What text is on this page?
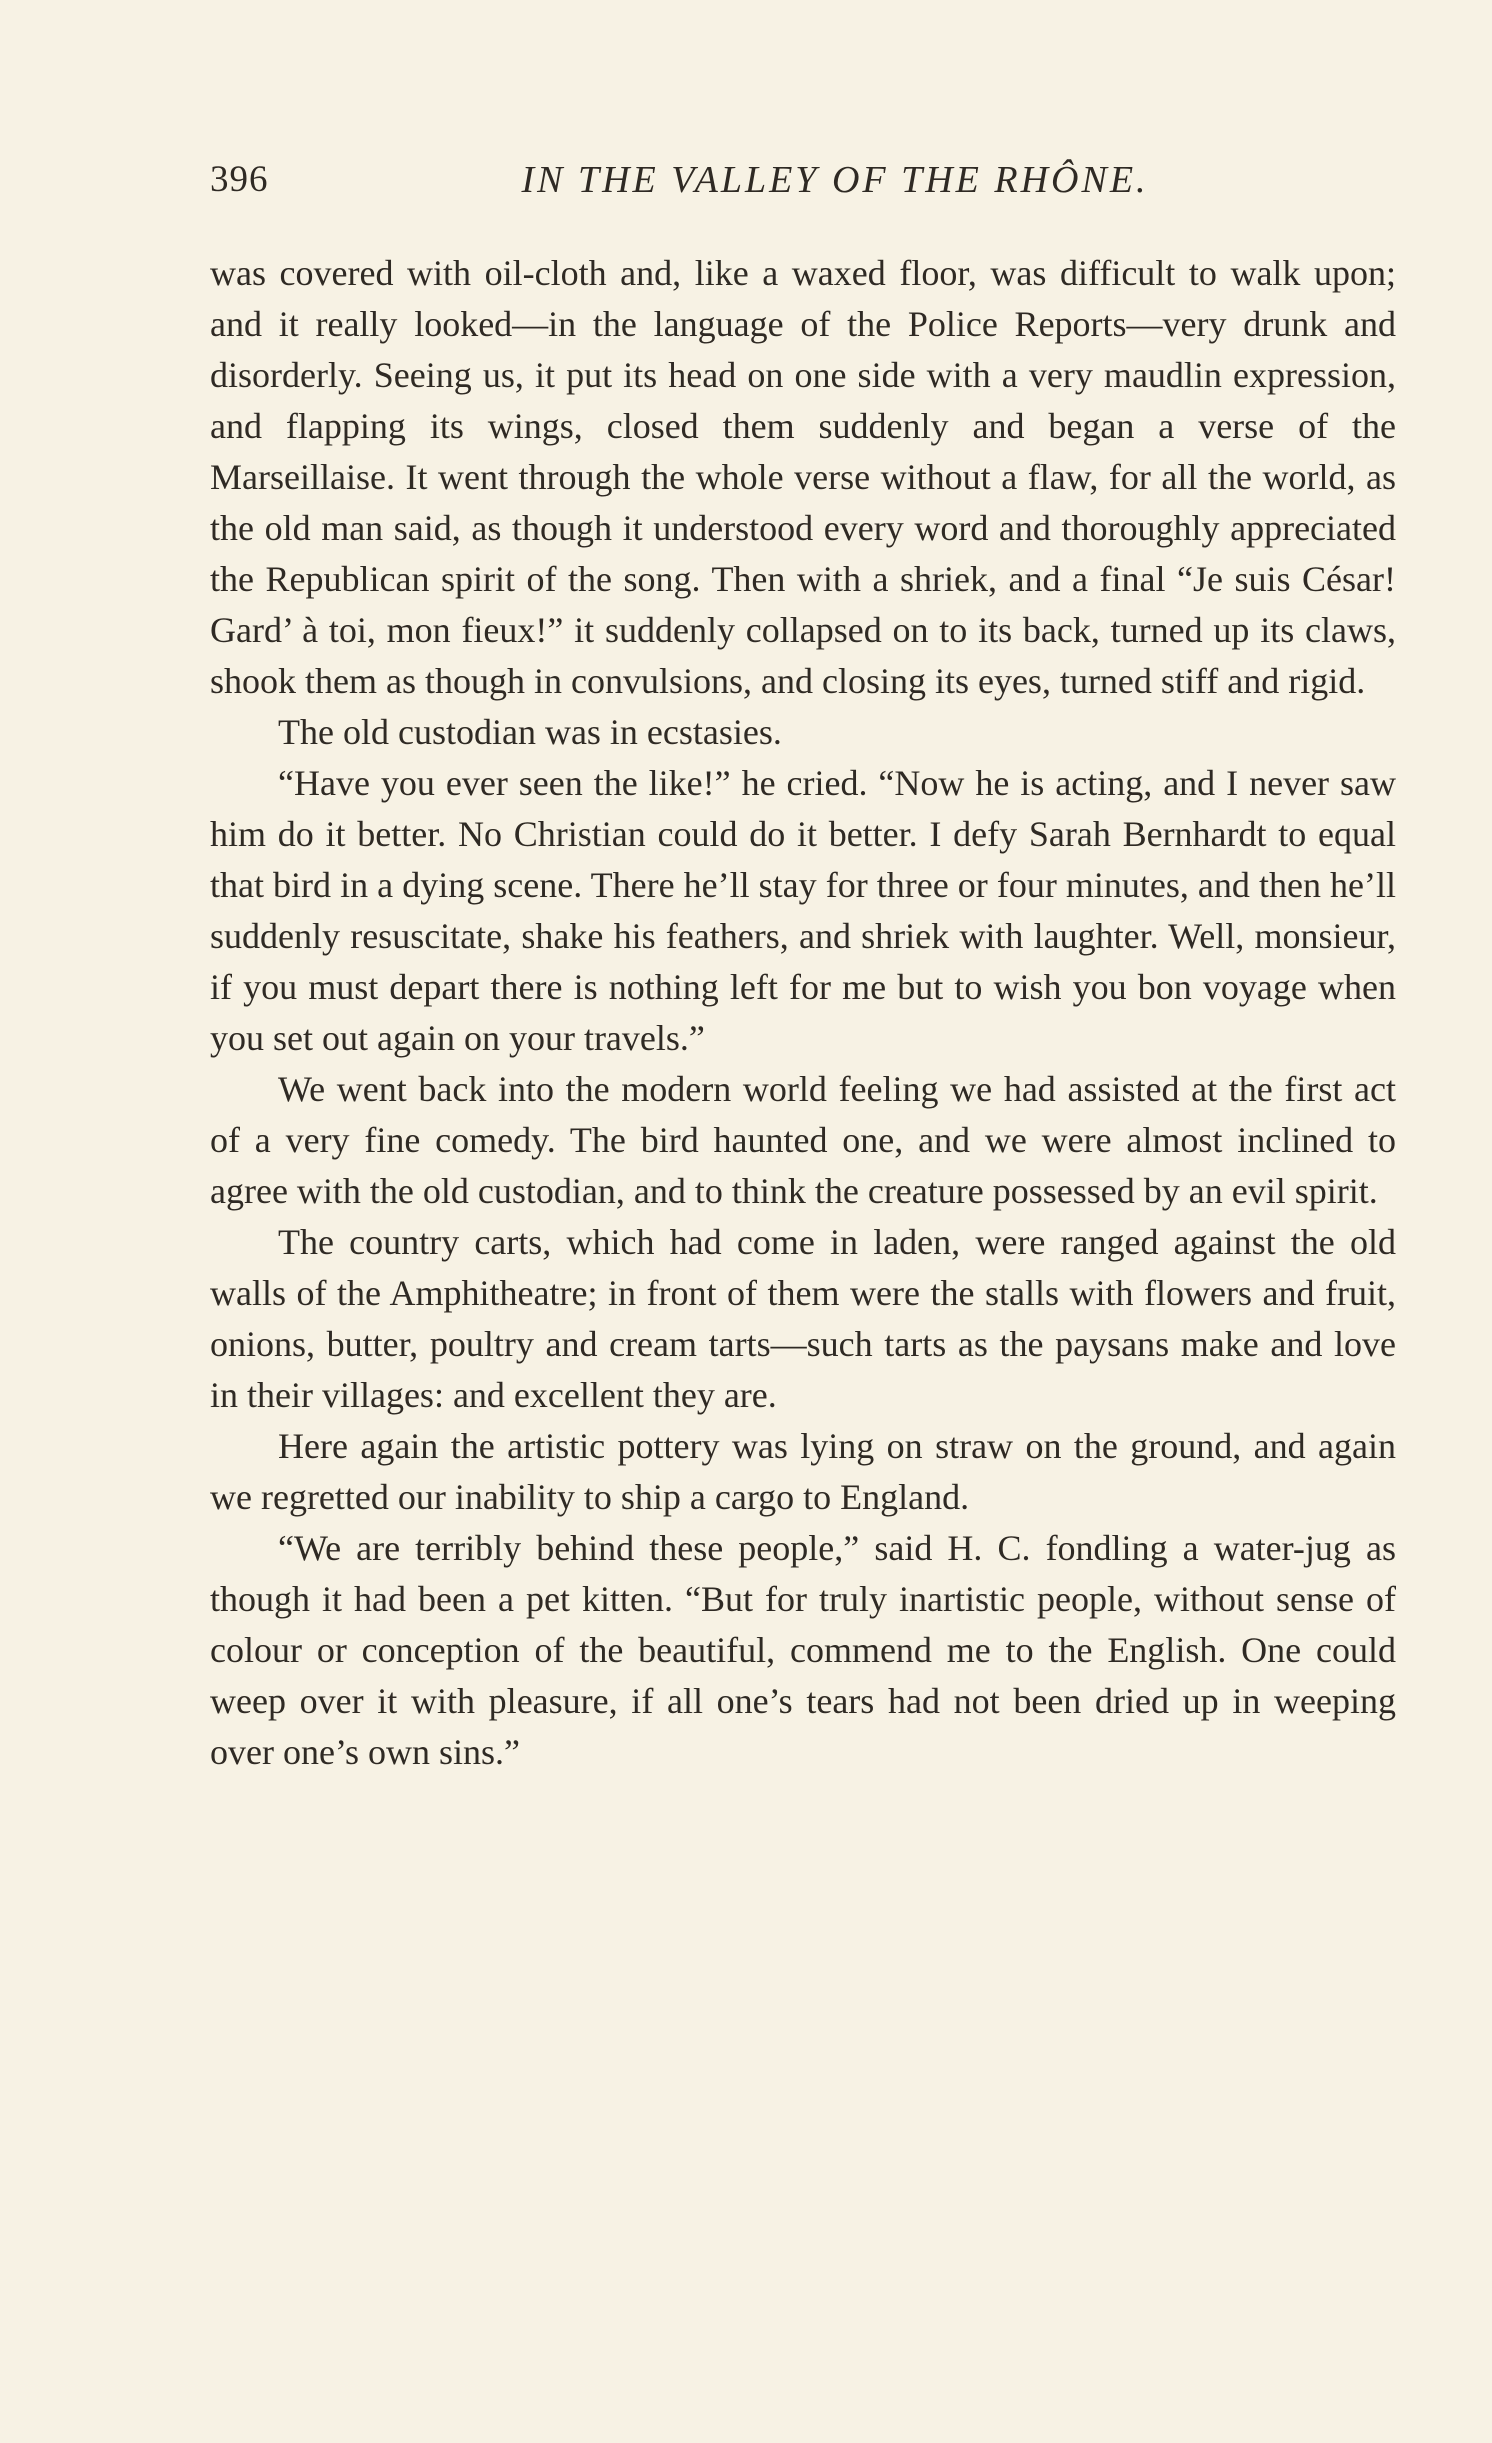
396	IN THE VALLEY OF THE RHÔNE.

was covered with oil-cloth and, like a waxed floor, was difficult to walk upon; and it really looked—in the language of the Police Reports—very drunk and disorderly. Seeing us, it put its head on one side with a very maudlin expression, and flapping its wings, closed them suddenly and began a verse of the Marseillaise. It went through the whole verse without a flaw, for all the world, as the old man said, as though it understood every word and thoroughly appreciated the Republican spirit of the song. Then with a shriek, and a final “Je suis César! Gard’ à toi, mon fieux!” it suddenly collapsed on to its back, turned up its claws, shook them as though in convulsions, and closing its eyes, turned stiff and rigid.

The old custodian was in ecstasies.

“Have you ever seen the like!” he cried. “Now he is acting, and I never saw him do it better. No Christian could do it better. I defy Sarah Bernhardt to equal that bird in a dying scene. There he’ll stay for three or four minutes, and then he’ll suddenly resuscitate, shake his feathers, and shriek with laughter. Well, monsieur, if you must depart there is nothing left for me but to wish you bon voyage when you set out again on your travels.”

We went back into the modern world feeling we had assisted at the first act of a very fine comedy. The bird haunted one, and we were almost inclined to agree with the old custodian, and to think the creature possessed by an evil spirit.

The country carts, which had come in laden, were ranged against the old walls of the Amphitheatre; in front of them were the stalls with flowers and fruit, onions, butter, poultry and cream tarts—such tarts as the paysans make and love in their villages: and excellent they are.

Here again the artistic pottery was lying on straw on the ground, and again we regretted our inability to ship a cargo to England.

“We are terribly behind these people,” said H. C. fondling a water-jug as though it had been a pet kitten. “But for truly inartistic people, without sense of colour or conception of the beautiful, commend me to the English. One could weep over it with pleasure, if all one’s tears had not been dried up in weeping over one’s own sins.”
